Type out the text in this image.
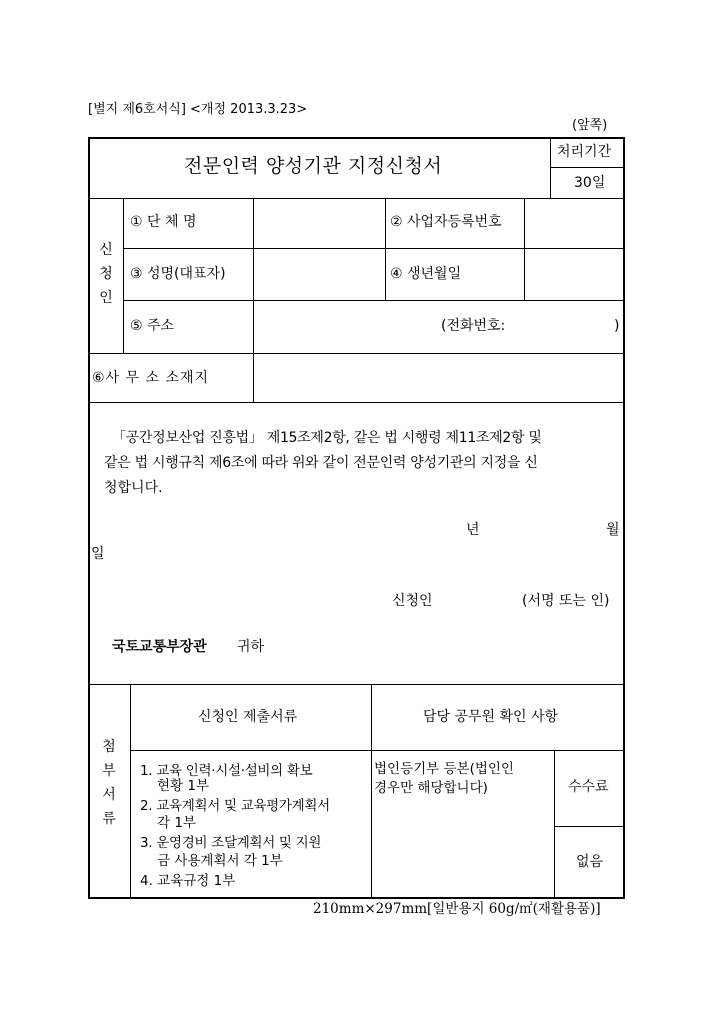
[별지 제6호서식] <개정 2013.3.23>
(앞쪽)
전문인력 양성기관 지정신청서
처리기간
30일
신청인
① 단 체 명	② 사업자등록번호
③ 성명(대표자)	④ 생년월일
⑤ 주소	(전화번호:	)
⑥사 무 소 소재지
「공간정보산업 진흥법」 제15조제2항, 같은 법 시행령 제11조제2항 및
같은 법 시행규칙 제6조에 따라 위와 같이 전문인력 양성기관의 지정을 신
청합니다.
년	월
일
신청인	(서명 또는 인)
국토교통부장관 귀하
첨부서류
신청인 제출서류	담당 공무원 확인 사항
1. 교육 인력·시설·설비의 확보
현황 1부
2. 교육계획서 및 교육평가계획서
각 1부
3. 운영경비 조달계획서 및 지원
금 사용계획서 각 1부
4. 교육규정 1부
법인등기부 등본(법인인
경우만 해당합니다)	수수료
없음
210mm×297mm[일반용지 60g/㎡(재활용품)]
